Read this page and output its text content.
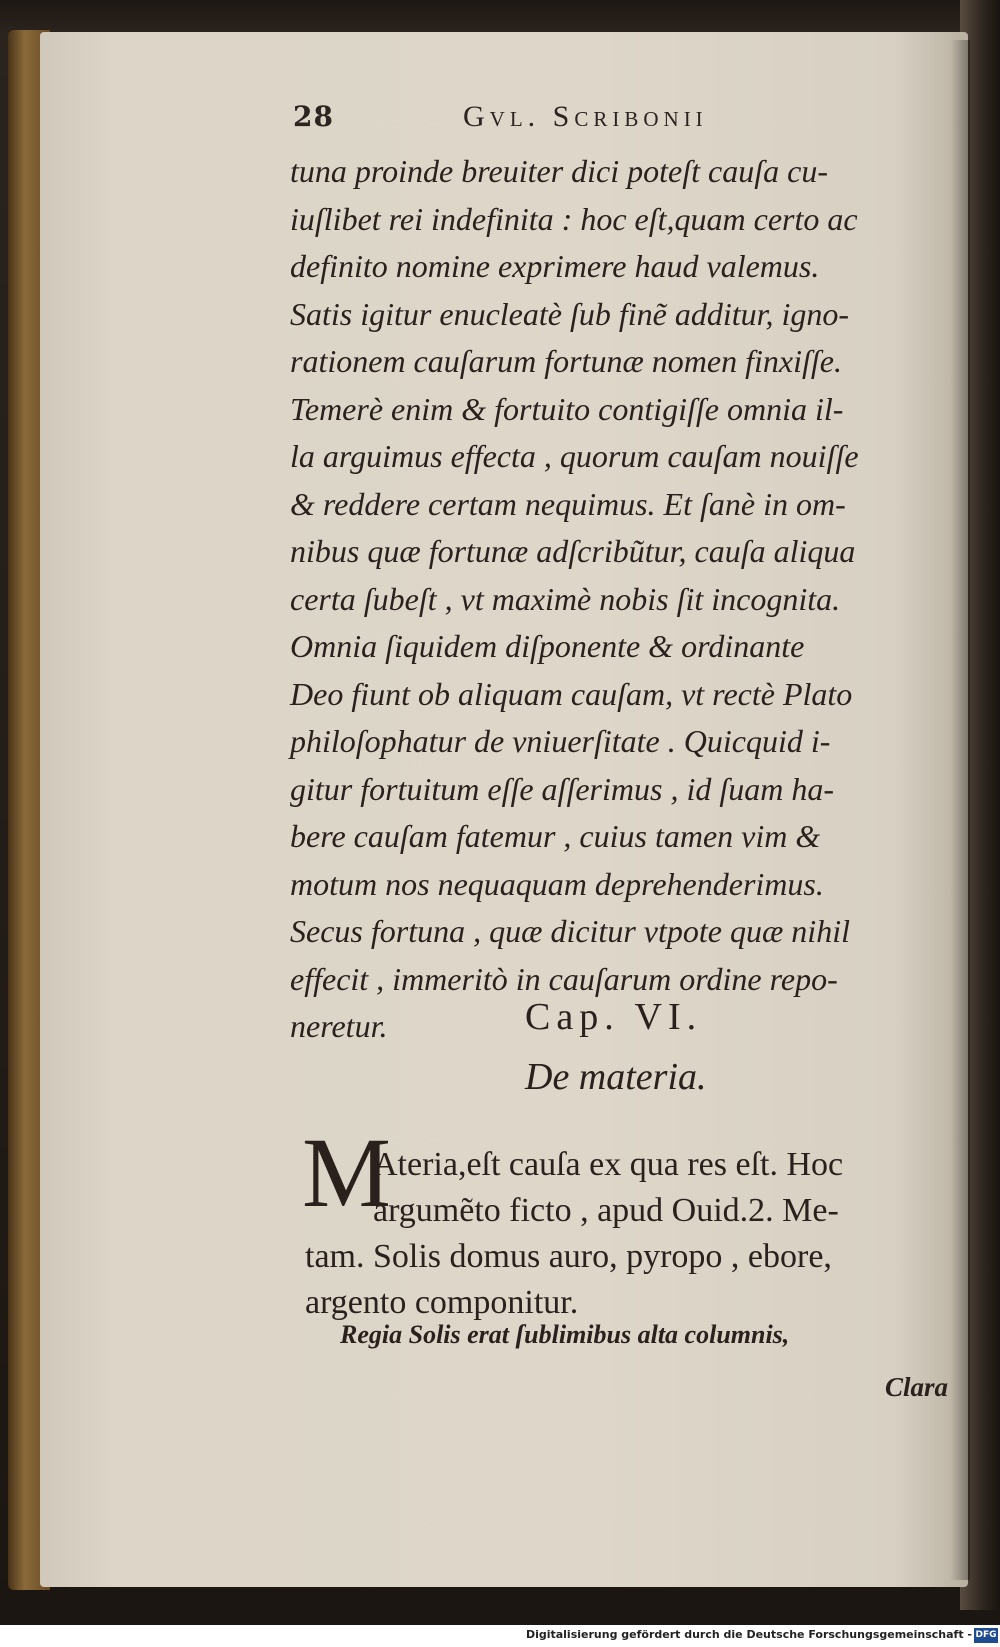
28	Gvl. Scribonii
tuna proinde breuiter dici poteſt cauſa cu-
iuſlibet rei indefinita : hoc eſt,quam certo ac
definito nomine exprimere haud valemus.
Satis igitur enucleatè ſub finẽ additur, igno-
rationem cauſarum fortunæ nomen finxiſſe.
Temerè enim & fortuito contigiſſe omnia il-
la arguimus effecta , quorum cauſam nouiſſe
& reddere certam nequimus. Et ſanè in om-
nibus quæ fortunæ adſcribũtur, cauſa aliqua
certa ſubeſt , vt maximè nobis ſit incognita.
Omnia ſiquidem diſponente & ordinante
Deo fiunt ob aliquam cauſam, vt rectè Plato
philoſophatur de vniuerſitate . Quicquid i-
gitur fortuitum eſſe aſſerimus , id ſuam ha-
bere cauſam fatemur , cuius tamen vim &
motum nos nequaquam deprehenderimus.
Secus fortuna , quæ dicitur vtpote quæ nihil
effecit , immeritò in cauſarum ordine repo-
neretur.	Cap. VI.
De materia.
M
Ateria,eſt cauſa ex qua res eſt. Hoc
argumẽto ficto , apud Ouid.2. Me-
tam. Solis domus auro, pyropo , ebore,
argento componitur.
Regia Solis erat ſublimibus alta columnis,
Clara
Digitalisierung gefördert durch die Deutsche Forschungsgemeinschaft - DFG
